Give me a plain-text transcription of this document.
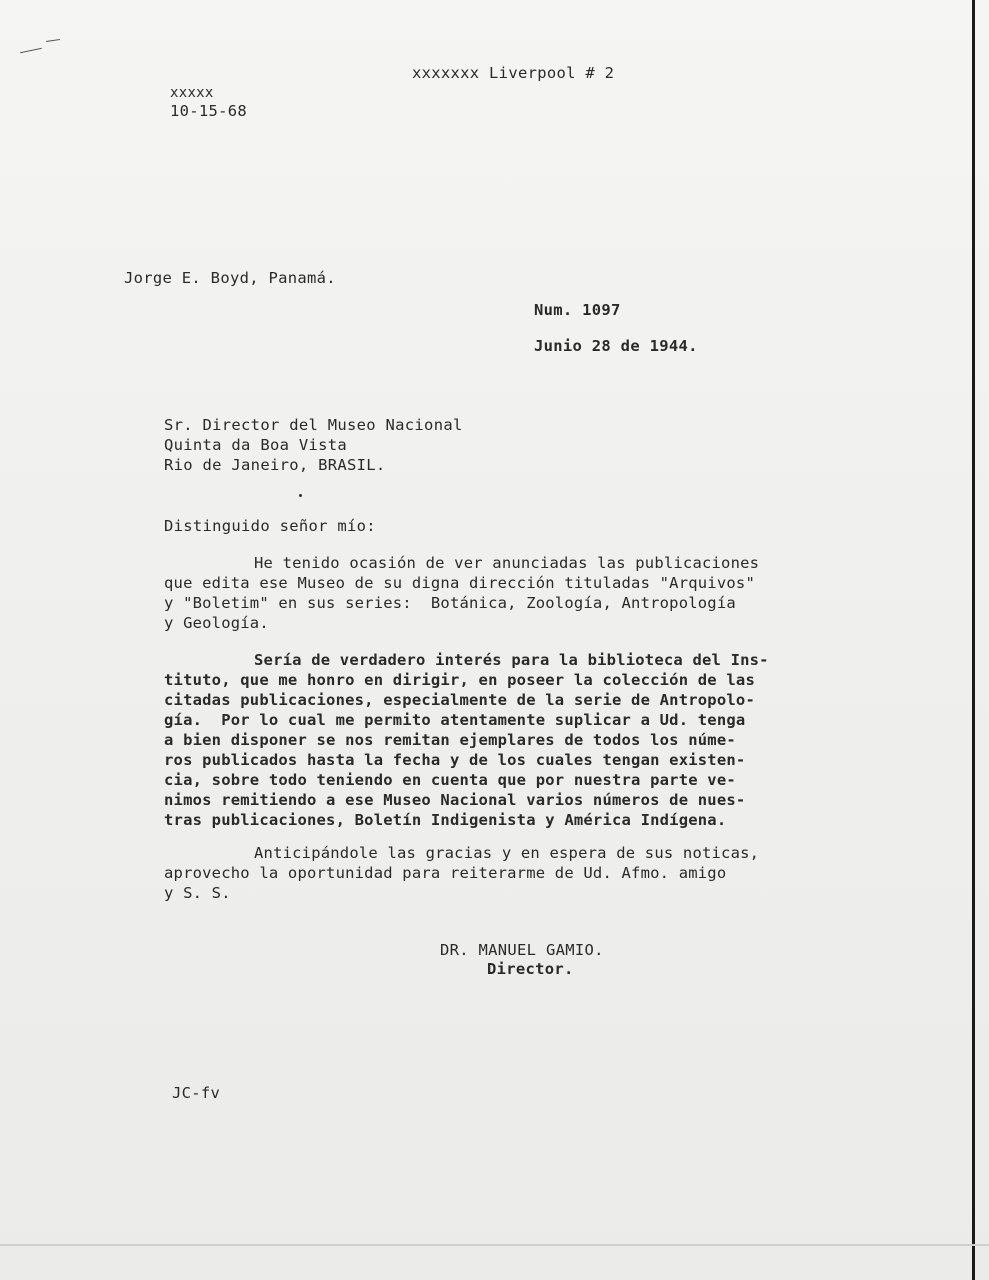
xxxxxxx Liverpool # 2
xxxxx
10-15-68
Jorge E. Boyd, Panamá.
Num. 1097
Junio 28 de 1944.
Sr. Director del Museo Nacional
Quinta da Boa Vista
Rio de Janeiro, BRASIL.
Distinguido señor mío:
He tenido ocasión de ver anunciadas las publicaciones
que edita ese Museo de su digna dirección tituladas "Arquivos"
y "Boletim" en sus series:  Botánica, Zoología, Antropología
y Geología.
Sería de verdadero interés para la biblioteca del Ins-
tituto, que me honro en dirigir, en poseer la colección de las
citadas publicaciones, especialmente de la serie de Antropolo-
gía.  Por lo cual me permito atentamente suplicar a Ud. tenga
a bien disponer se nos remitan ejemplares de todos los núme-
ros publicados hasta la fecha y de los cuales tengan existen-
cia, sobre todo teniendo en cuenta que por nuestra parte ve-
nimos remitiendo a ese Museo Nacional varios números de nues-
tras publicaciones, Boletín Indigenista y América Indígena.
Anticipándole las gracias y en espera de sus noticas,
aprovecho la oportunidad para reiterarme de Ud. Afmo. amigo
y S. S.
DR. MANUEL GAMIO.
Director.
JC-fv
